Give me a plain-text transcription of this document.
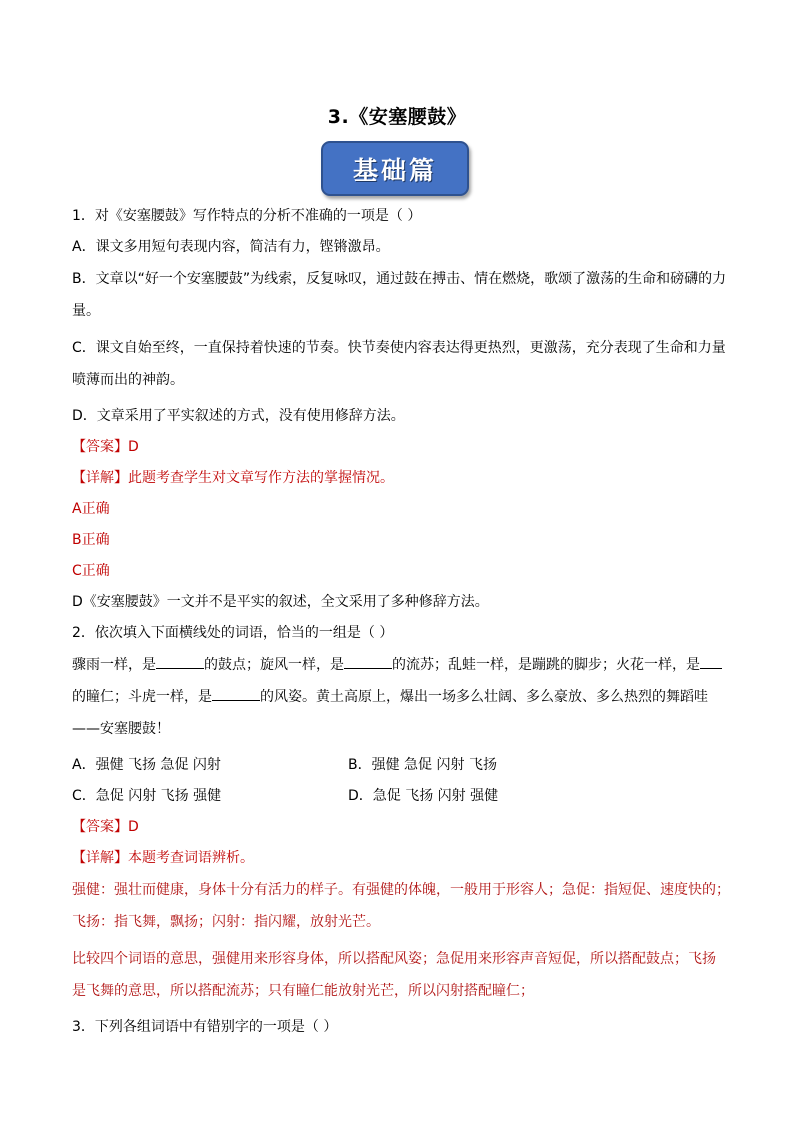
3.《安塞腰鼓》
基础篇
1．对《安塞腰鼓》写作特点的分析不准确的一项是（ ）
A．课文多用短句表现内容，简洁有力，铿锵激昂。
B．文章以“好一个安塞腰鼓”为线索，反复咏叹，通过鼓在搏击、情在燃烧，歌颂了激荡的生命和磅礴的力
量。
C．课文自始至终，一直保持着快速的节奏。快节奏使内容表达得更热烈，更激荡，充分表现了生命和力量
喷薄而出的神韵。
D．文章采用了平实叙述的方式，没有使用修辞方法。
【答案】D
【详解】此题考查学生对文章写作方法的掌握情况。
A正确
B正确
C正确
D《安塞腰鼓》一文并不是平实的叙述，全文采用了多种修辞方法。
2．依次填入下面横线处的词语，恰当的一组是（ ）
骤雨一样，是	的鼓点；旋风一样，是	的流苏；乱蛙一样，是蹦跳的脚步；火花一样，是
的瞳仁；斗虎一样，是	的风姿。黄土高原上，爆出一场多么壮阔、多么豪放、多么热烈的舞蹈哇
——安塞腰鼓！
A．强健 飞扬 急促 闪射	B．强健 急促 闪射 飞扬
C．急促 闪射 飞扬 强健	D．急促 飞扬 闪射 强健
【答案】D
【详解】本题考查词语辨析。
强健：强壮而健康，身体十分有活力的样子。有强健的体魄，一般用于形容人；急促：指短促、速度快的；
飞扬：指飞舞，飘扬；闪射：指闪耀，放射光芒。
比较四个词语的意思，强健用来形容身体，所以搭配风姿；急促用来形容声音短促，所以搭配鼓点；飞扬
是飞舞的意思，所以搭配流苏；只有瞳仁能放射光芒，所以闪射搭配瞳仁；
3．下列各组词语中有错别字的一项是（ ）
